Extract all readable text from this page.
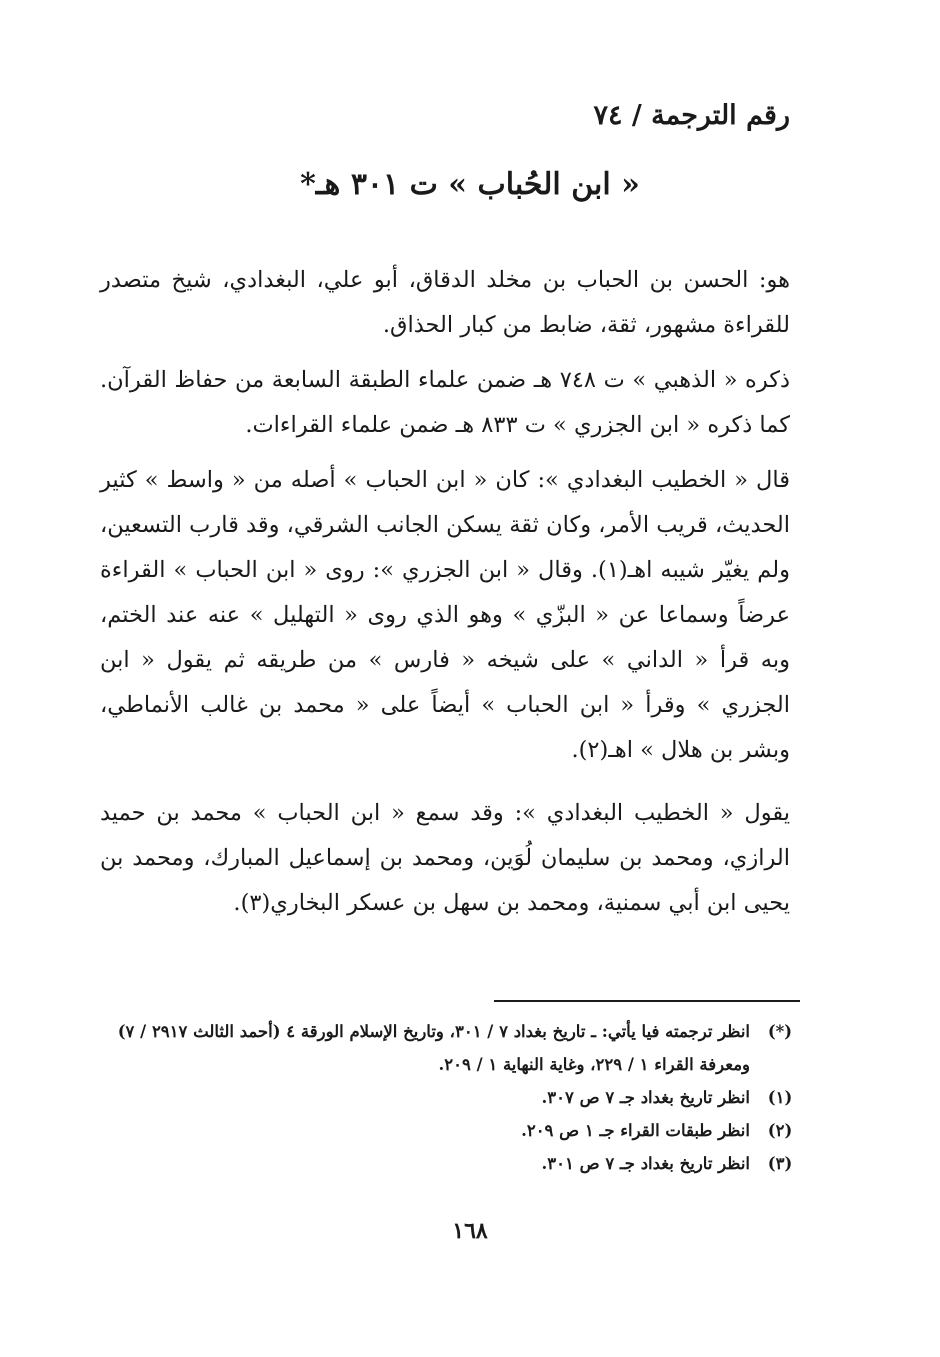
رقم الترجمة / ٧٤
« ابن الحُباب » ت ٣٠١ هـ*

هو: الحسن بن الحباب بن مخلد الدقاق، أبو علي، البغدادي، شيخ متصدر للقراءة مشهور، ثقة، ضابط من كبار الحذاق.

ذكره « الذهبي » ت ٧٤٨ هـ ضمن علماء الطبقة السابعة من حفاظ القرآن. كما ذكره « ابن الجزري » ت ٨٣٣ هـ ضمن علماء القراءات.

قال « الخطيب البغدادي »: كان « ابن الحباب » أصله من « واسط » كثير الحديث، قريب الأمر، وكان ثقة يسكن الجانب الشرقي، وقد قارب التسعين، ولم يغيّر شيبه اهـ(١). وقال « ابن الجزري »: روى « ابن الحباب » القراءة عرضاً وسماعا عن « البزّي » وهو الذي روى « التهليل » عنه عند الختم، وبه قرأ « الداني » على شيخه « فارس » من طريقه ثم يقول « ابن الجزري » وقرأ « ابن الحباب » أيضاً على « محمد بن غالب الأنماطي، وبشر بن هلال » اهـ(٢).

يقول « الخطيب البغدادي »: وقد سمع « ابن الحباب » محمد بن حميد الرازي، ومحمد بن سليمان لُوَين، ومحمد بن إسماعيل المبارك، ومحمد بن يحيى ابن أبي سمنية، ومحمد بن سهل بن عسكر البخاري(٣).

(*)
انظر ترجمته فيا يأتي: ـ تاريخ بغداد ٧ / ٣٠١، وتاريخ الإسلام الورقة ٤ (أحمد الثالث ٢٩١٧ / ٧) ومعرفة القراء ١ / ٢٢٩، وغاية النهاية ١ / ٢٠٩.
(١)
انظر تاريخ بغداد جـ ٧ ص ٣٠٧.
(٢)
انظر طبقات القراء جـ ١ ص ٢٠٩.
(٣)
انظر تاريخ بغداد جـ ٧ ص ٣٠١.
١٦٨
